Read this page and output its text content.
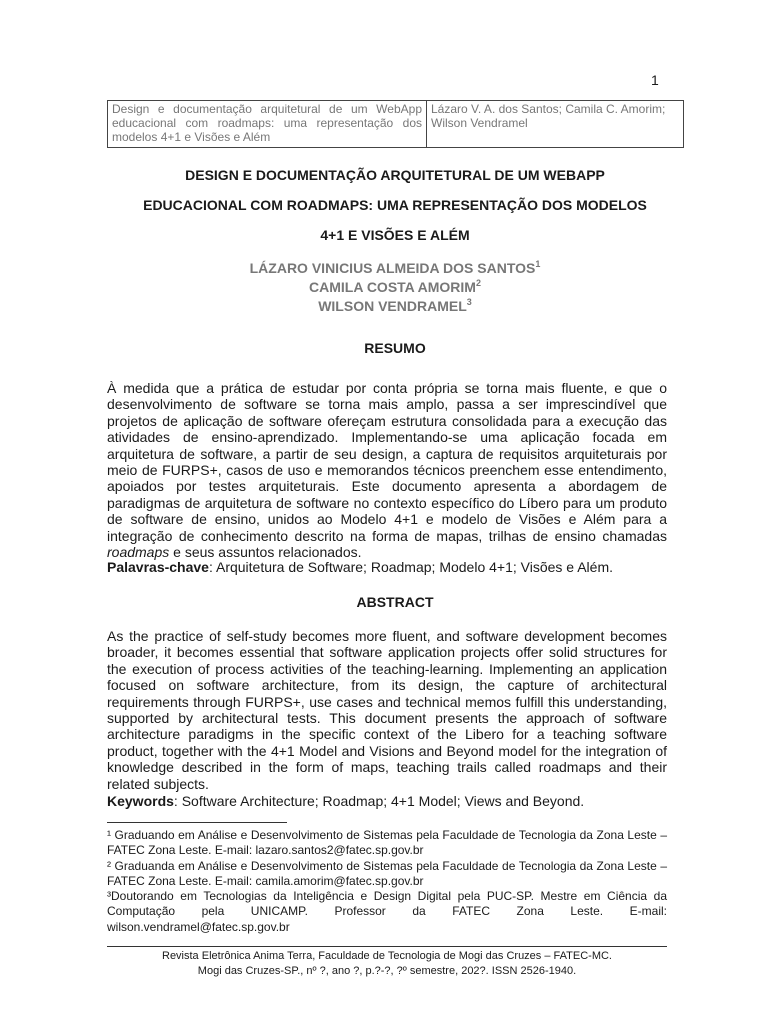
1
Design e documentação arquitetural de um WebApp educacional com roadmaps: uma representação dos modelos 4+1 e Visões e Além
Lázaro V. A. dos Santos; Camila C. Amorim; Wilson Vendramel
DESIGN E DOCUMENTAÇÃO ARQUITETURAL DE UM WEBAPP
EDUCACIONAL COM ROADMAPS: UMA REPRESENTAÇÃO DOS MODELOS
4+1 E VISÕES E ALÉM
LÁZARO VINICIUS ALMEIDA DOS SANTOS$^1$
CAMILA COSTA AMORIM$^2$
WILSON VENDRAMEL$^3$
RESUMO
À medida que a prática de estudar por conta própria se torna mais fluente, e que o desenvolvimento de software se torna mais amplo, passa a ser imprescindível que projetos de aplicação de software ofereçam estrutura consolidada para a execução das atividades de ensino-aprendizado. Implementando-se uma aplicação focada em arquitetura de software, a partir de seu design, a captura de requisitos arquiteturais por meio de FURPS+, casos de uso e memorandos técnicos preenchem esse entendimento, apoiados por testes arquiteturais. Este documento apresenta a abordagem de paradigmas de arquitetura de software no contexto específico do Líbero para um produto de software de ensino, unidos ao Modelo 4+1 e modelo de Visões e Além para a integração de conhecimento descrito na forma de mapas, trilhas de ensino chamadas roadmaps e seus assuntos relacionados.
Palavras-chave: Arquitetura de Software; Roadmap; Modelo 4+1; Visões e Além.
ABSTRACT
As the practice of self-study becomes more fluent, and software development becomes broader, it becomes essential that software application projects offer solid structures for the execution of process activities of the teaching-learning. Implementing an application focused on software architecture, from its design, the capture of architectural requirements through FURPS+, use cases and technical memos fulfill this understanding, supported by architectural tests. This document presents the approach of software architecture paradigms in the specific context of the Libero for a teaching software product, together with the 4+1 Model and Visions and Beyond model for the integration of knowledge described in the form of maps, teaching trails called roadmaps and their related subjects.
Keywords: Software Architecture; Roadmap; 4+1 Model; Views and Beyond.
¹ Graduando em Análise e Desenvolvimento de Sistemas pela Faculdade de Tecnologia da Zona Leste – FATEC Zona Leste. E-mail: lazaro.santos2@fatec.sp.gov.br
² Graduanda em Análise e Desenvolvimento de Sistemas pela Faculdade de Tecnologia da Zona Leste – FATEC Zona Leste. E-mail: camila.amorim@fatec.sp.gov.br
³Doutorando em Tecnologias da Inteligência e Design Digital pela PUC-SP. Mestre em Ciência da Computação pela UNICAMP. Professor da FATEC Zona Leste. E-mail: wilson.vendramel@fatec.sp.gov.br
Revista Eletrônica Anima Terra, Faculdade de Tecnologia de Mogi das Cruzes – FATEC-MC.
Mogi das Cruzes-SP., nº ?, ano ?, p.?-?, ?º semestre, 202?. ISSN 2526-1940.
